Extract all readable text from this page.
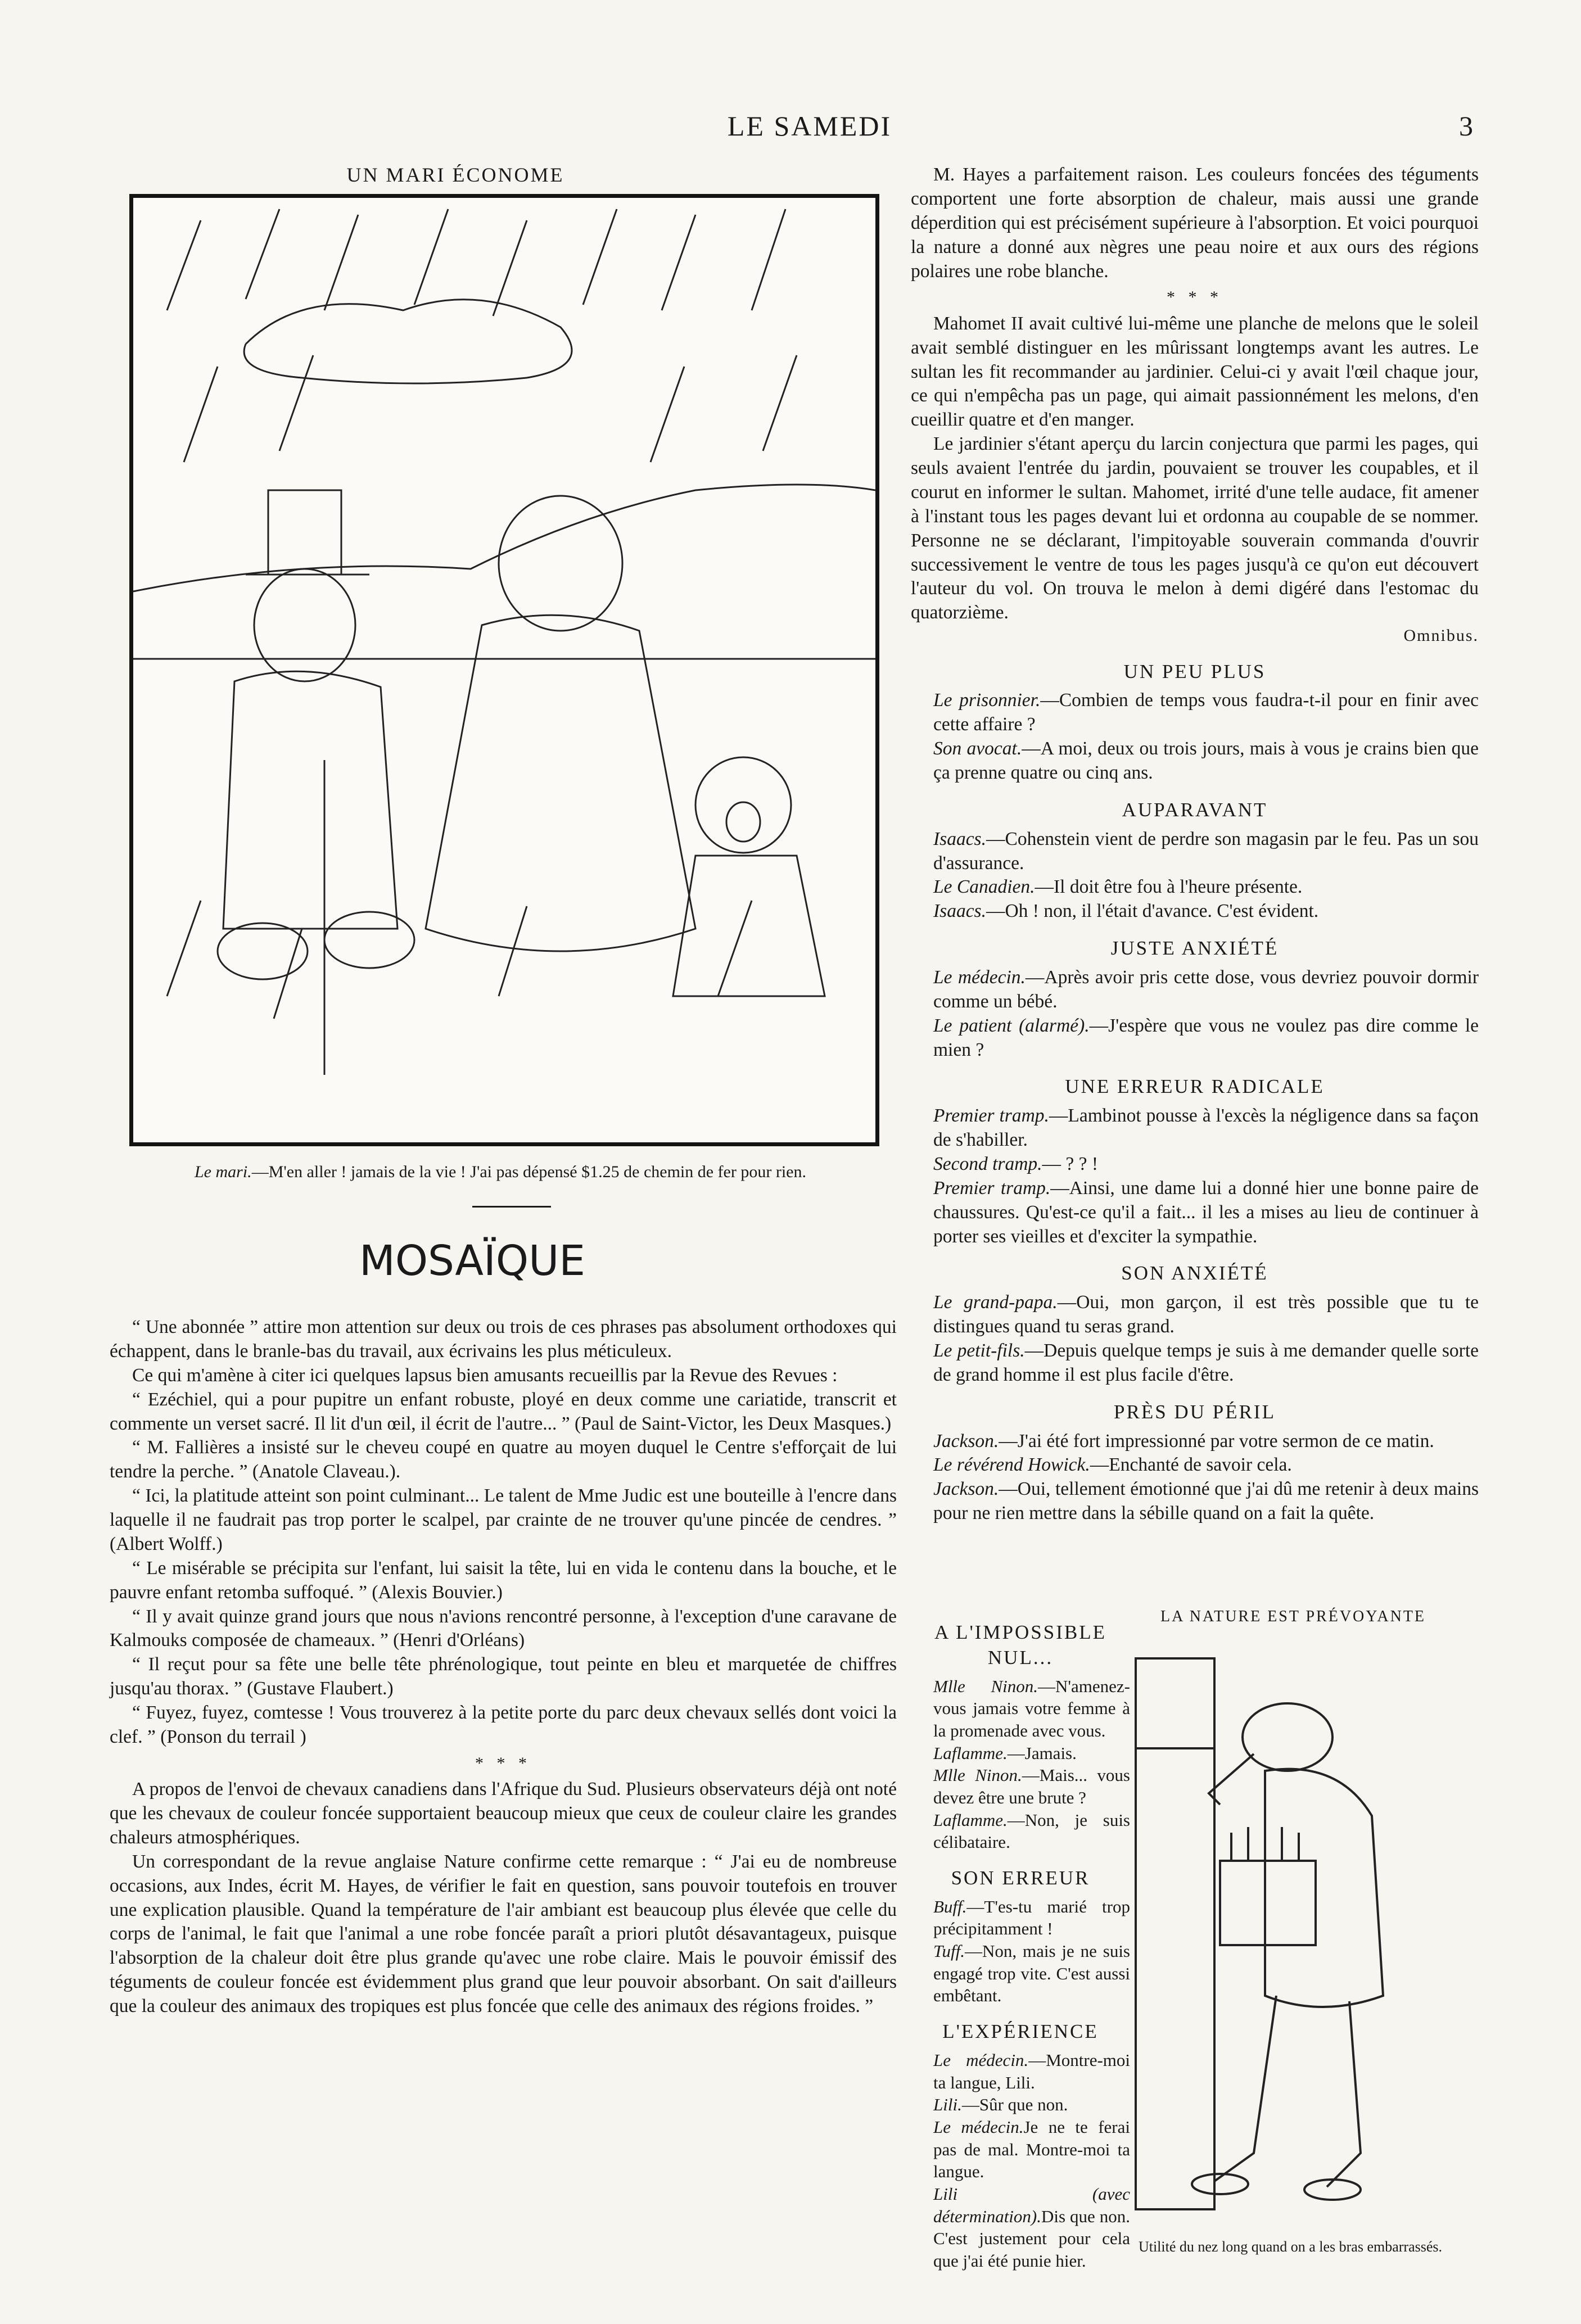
LE SAMEDI	3
UN MARI ÉCONOME
Le mari.—M'en aller ! jamais de la vie ! J'ai pas dépensé $1.25 de chemin de fer pour rien.
MOSAÏQUE

“ Une abonnée ” attire mon attention sur deux ou trois de ces phrases pas absolument orthodoxes qui échappent, dans le branle-bas du travail, aux écrivains les plus méticuleux.

Ce qui m'amène à citer ici quelques lapsus bien amusants recueillis par la Revue des Revues :

“ Ezéchiel, qui a pour pupitre un enfant robuste, ployé en deux comme une cariatide, transcrit et commente un verset sacré. Il lit d'un œil, il écrit de l'autre... ” (Paul de Saint-Victor, les Deux Masques.)

“ M. Fallières a insisté sur le cheveu coupé en quatre au moyen duquel le Centre s'efforçait de lui tendre la perche. ” (Anatole Claveau.).

“ Ici, la platitude atteint son point culminant... Le talent de Mme Judic est une bouteille à l'encre dans laquelle il ne faudrait pas trop porter le scalpel, par crainte de ne trouver qu'une pincée de cendres. ” (Albert Wolff.)

“ Le misérable se précipita sur l'enfant, lui saisit la tête, lui en vida le contenu dans la bouche, et le pauvre enfant retomba suffoqué. ” (Alexis Bouvier.)

“ Il y avait quinze grand jours que nous n'avions rencontré personne, à l'exception d'une caravane de Kalmouks composée de chameaux. ” (Henri d'Orléans)

“ Il reçut pour sa fête une belle tête phrénologique, tout peinte en bleu et marquetée de chiffres jusqu'au thorax. ” (Gustave Flaubert.)

“ Fuyez, fuyez, comtesse ! Vous trouverez à la petite porte du parc deux chevaux sellés dont voici la clef. ” (Ponson du terrail )

* * *

A propos de l'envoi de chevaux canadiens dans l'Afrique du Sud. Plusieurs observateurs déjà ont noté que les chevaux de couleur foncée supportaient beaucoup mieux que ceux de couleur claire les grandes chaleurs atmosphériques.

Un correspondant de la revue anglaise Nature confirme cette remarque : “ J'ai eu de nombreuse occasions, aux Indes, écrit M. Hayes, de vérifier le fait en question, sans pouvoir toutefois en trouver une explication plausible. Quand la température de l'air ambiant est beaucoup plus élevée que celle du corps de l'animal, le fait que l'animal a une robe foncée paraît a priori plutôt désavantageux, puisque l'absorption de la chaleur doit être plus grande qu'avec une robe claire. Mais le pouvoir émissif des téguments de couleur foncée est évidemment plus grand que leur pouvoir absorbant. On sait d'ailleurs que la couleur des animaux des tropiques est plus foncée que celle des animaux des régions froides. ”

M. Hayes a parfaitement raison. Les couleurs foncées des téguments comportent une forte absorption de chaleur, mais aussi une grande déperdition qui est précisément supérieure à l'absorption. Et voici pourquoi la nature a donné aux nègres une peau noire et aux ours des régions polaires une robe blanche.

* * *

Mahomet II avait cultivé lui-même une planche de melons que le soleil avait semblé distinguer en les mûrissant longtemps avant les autres. Le sultan les fit recommander au jardinier. Celui-ci y avait l'œil chaque jour, ce qui n'empêcha pas un page, qui aimait passionnément les melons, d'en cueillir quatre et d'en manger.

Le jardinier s'étant aperçu du larcin conjectura que parmi les pages, qui seuls avaient l'entrée du jardin, pouvaient se trouver les coupables, et il courut en informer le sultan. Mahomet, irrité d'une telle audace, fit amener à l'instant tous les pages devant lui et ordonna au coupable de se nommer. Personne ne se déclarant, l'impitoyable souverain commanda d'ouvrir successivement le ventre de tous les pages jusqu'à ce qu'on eut découvert l'auteur du vol. On trouva le melon à demi digéré dans l'estomac du quatorzième.

Omnibus.
UN PEU PLUS

Le prisonnier.—Combien de temps vous faudra-t-il pour en finir avec cette affaire ?

Son avocat.—A moi, deux ou trois jours, mais à vous je crains bien que ça prenne quatre ou cinq ans.

AUPARAVANT

Isaacs.—Cohenstein vient de perdre son magasin par le feu. Pas un sou d'assurance.

Le Canadien.—Il doit être fou à l'heure présente.

Isaacs.—Oh ! non, il l'était d'avance. C'est évident.

JUSTE ANXIÉTÉ

Le médecin.—Après avoir pris cette dose, vous devriez pouvoir dormir comme un bébé.

Le patient (alarmé).—J'espère que vous ne voulez pas dire comme le mien ?

UNE ERREUR RADICALE

Premier tramp.—Lambinot pousse à l'excès la négligence dans sa façon de s'habiller.

Second tramp.— ? ? !

Premier tramp.—Ainsi, une dame lui a donné hier une bonne paire de chaussures. Qu'est-ce qu'il a fait... il les a mises au lieu de continuer à porter ses vieilles et d'exciter la sympathie.

SON ANXIÉTÉ

Le grand-papa.—Oui, mon garçon, il est très possible que tu te distingues quand tu seras grand.

Le petit-fils.—Depuis quelque temps je suis à me demander quelle sorte de grand homme il est plus facile d'être.

PRÈS DU PÉRIL

Jackson.—J'ai été fort impressionné par votre sermon de ce matin.

Le révérend Howick.—Enchanté de savoir cela.

Jackson.—Oui, tellement émotionné que j'ai dû me retenir à deux mains pour ne rien mettre dans la sébille quand on a fait la quête.

A L'IMPOSSIBLE NUL...

Mlle Ninon.—N'amenez-vous jamais votre femme à la promenade avec vous.

Laflamme.—Jamais.

Mlle Ninon.—Mais... vous devez être une brute ?

Laflamme.—Non, je suis célibataire.

SON ERREUR

Buff.—T'es-tu marié trop précipitamment !

Tuff.—Non, mais je ne suis engagé trop vite. C'est aussi embêtant.

L'EXPÉRIENCE

Le médecin.—Montre-moi ta langue, Lili.

Lili.—Sûr que non.

Le médecin.Je ne te ferai pas de mal. Montre-moi ta langue.

Lili (avec détermination).Dis que non. C'est justement pour cela que j'ai été punie hier.

LA NATURE EST PRÉVOYANTE
Utilité du nez long quand on a les bras embarrassés.
